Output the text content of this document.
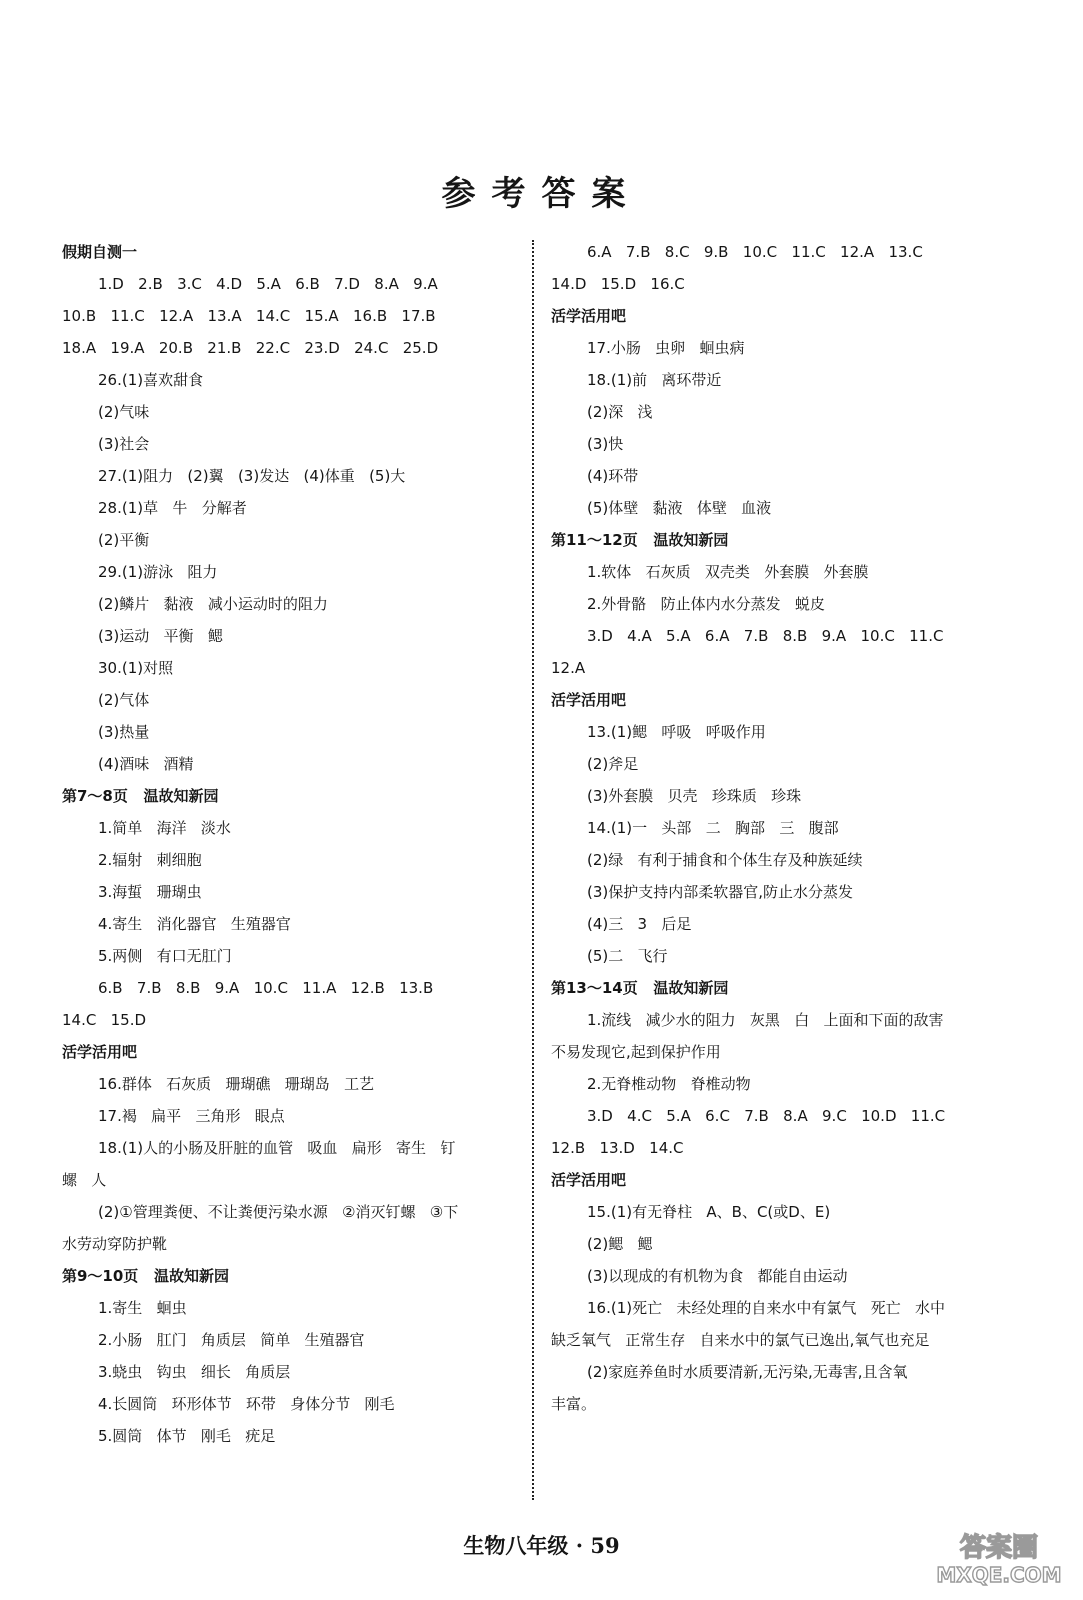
参考答案
假期自测一
1.D   2.B   3.C   4.D   5.A   6.B   7.D   8.A   9.A
10.B   11.C   12.A   13.A   14.C   15.A   16.B   17.B
18.A   19.A   20.B   21.B   22.C   23.D   24.C   25.D
26.(1)喜欢甜食
(2)气味
(3)社会
27.(1)阻力   (2)翼   (3)发达   (4)体重   (5)大
28.(1)草   牛   分解者
(2)平衡
29.(1)游泳   阻力
(2)鳞片   黏液   减小运动时的阻力
(3)运动   平衡   鳃
30.(1)对照
(2)气体
(3)热量
(4)酒味   酒精
第7～8页   温故知新园
1.简单   海洋   淡水
2.辐射   刺细胞
3.海蜇   珊瑚虫
4.寄生   消化器官   生殖器官
5.两侧   有口无肛门
6.B   7.B   8.B   9.A   10.C   11.A   12.B   13.B
14.C   15.D
活学活用吧
16.群体   石灰质   珊瑚礁   珊瑚岛   工艺
17.褐   扁平   三角形   眼点
18.(1)人的小肠及肝脏的血管   吸血   扁形   寄生   钉
螺   人
(2)①管理粪便、不让粪便污染水源   ②消灭钉螺   ③下
水劳动穿防护靴
第9～10页   温故知新园
1.寄生   蛔虫
2.小肠   肛门   角质层   简单   生殖器官
3.蛲虫   钩虫   细长   角质层
4.长圆筒   环形体节   环带   身体分节   刚毛
5.圆筒   体节   刚毛   疣足
6.A   7.B   8.C   9.B   10.C   11.C   12.A   13.C
14.D   15.D   16.C
活学活用吧
17.小肠   虫卵   蛔虫病
18.(1)前   离环带近
(2)深   浅
(3)快
(4)环带
(5)体壁   黏液   体壁   血液
第11～12页   温故知新园
1.软体   石灰质   双壳类   外套膜   外套膜
2.外骨骼   防止体内水分蒸发   蜕皮
3.D   4.A   5.A   6.A   7.B   8.B   9.A   10.C   11.C
12.A
活学活用吧
13.(1)鳃   呼吸   呼吸作用
(2)斧足
(3)外套膜   贝壳   珍珠质   珍珠
14.(1)一   头部   二   胸部   三   腹部
(2)绿   有利于捕食和个体生存及种族延续
(3)保护支持内部柔软器官,防止水分蒸发
(4)三   3   后足
(5)二   飞行
第13～14页   温故知新园
1.流线   减少水的阻力   灰黑   白   上面和下面的敌害
不易发现它,起到保护作用
2.无脊椎动物   脊椎动物
3.D   4.C   5.A   6.C   7.B   8.A   9.C   10.D   11.C
12.B   13.D   14.C
活学活用吧
15.(1)有无脊柱   A、B、C(或D、E)
(2)鳃   鳃
(3)以现成的有机物为食   都能自由运动
16.(1)死亡   未经处理的自来水中有氯气   死亡   水中
缺乏氧气   正常生存   自来水中的氯气已逸出,氧气也充足
(2)家庭养鱼时水质要清新,无污染,无毒害,且含氧
丰富。
生物八年级 · 59	答案圈
MXQE.COM
